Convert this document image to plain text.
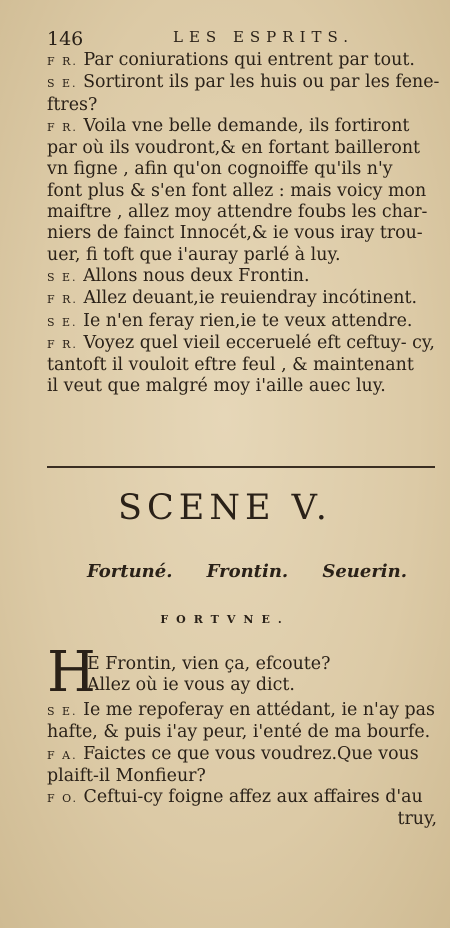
146	LES ESPRITS.
F R. Par coniurations qui entrent par tout.
S E. Sortiront ils par les huis ou par les fene-
ftres?
F R. Voila vne belle demande, ils fortiront
par où ils voudront,& en fortant bailleront
vn figne , afin qu'on cognoiffe qu'ils n'y
font plus & s'en font allez : mais voicy mon
maiftre , allez moy attendre foubs les char-
niers de fainct Innocét,& ie vous iray trou-
uer, fi toft que i'auray parlé à luy.
S E. Allons nous deux Frontin.
F R. Allez deuant,ie reuiendray incótinent.
S E. Ie n'en feray rien,ie te veux attendre.
F R. Voyez quel vieil ecceruelé eft ceftuy- cy,
tantoft il vouloit eftre feul , & maintenant
il veut que malgré moy i'aille auec luy.
SCENE V.
Fortuné. Frontin. Seuerin.
FORTVNE.
H
E Frontin, vien ça, efcoute?
Allez où ie vous ay dict.
S E. Ie me repoferay en attédant, ie n'ay pas
hafte, & puis i'ay peur, i'enté de ma bourfe.
F A. Faictes ce que vous voudrez.Que vous
plaift-il Monfieur?
F O. Ceftui-cy foigne affez aux affaires d'au
truy,
